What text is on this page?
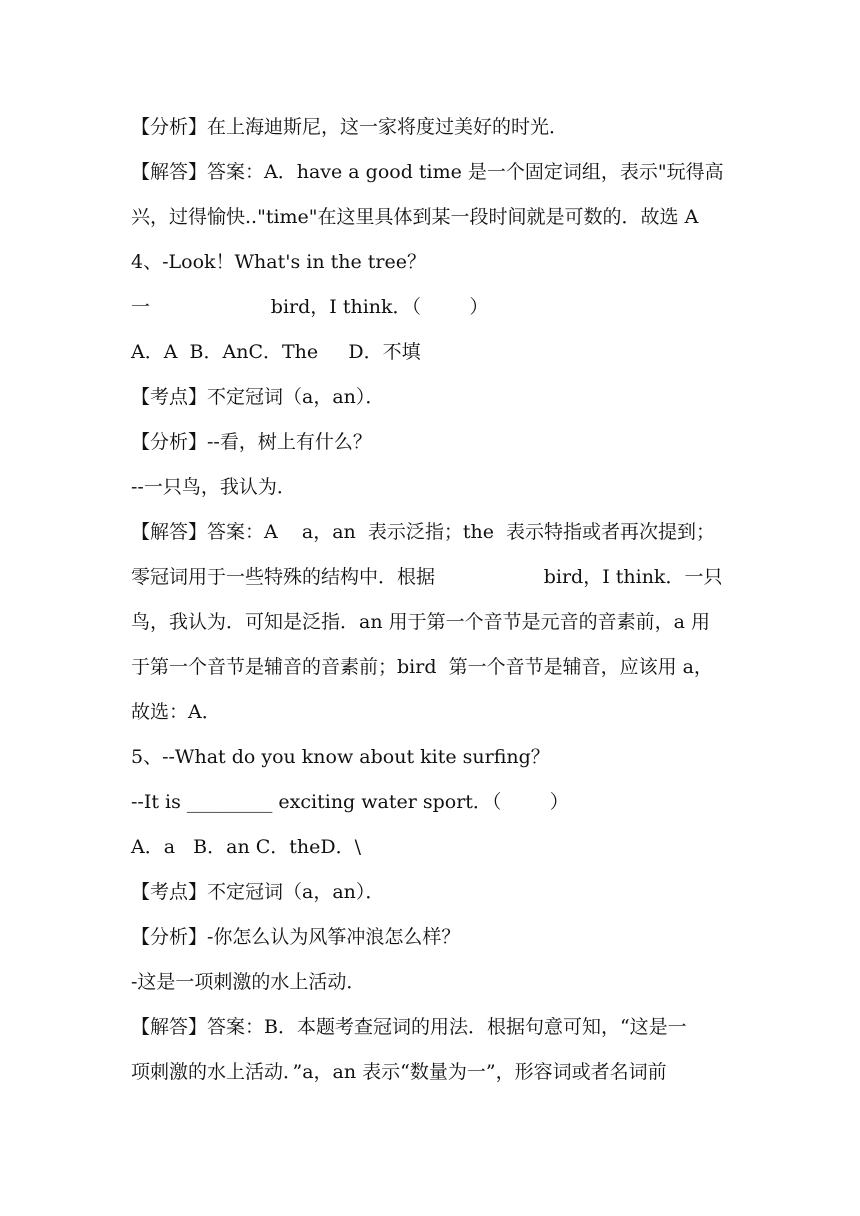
【分析】在上海迪斯尼，这一家将度过美好的时光．
【解答】答案：A．have a good time 是一个固定词组，表示"玩得高
兴，过得愉快.."time"在这里具体到某一段时间就是可数的．故选 A
4、-Look！What's in the tree？
一                    bird，I think．（        ）
A．A  B．AnC．The     D．不填
【考点】不定冠词（a，an）．
【分析】--看，树上有什么？
--一只鸟，我认为．
【解答】答案：A    a，an  表示泛指；the  表示特指或者再次提到；
零冠词用于一些特殊的结构中．根据                  bird，I think．一只
鸟，我认为．可知是泛指．an 用于第一个音节是元音的音素前，a 用
于第一个音节是辅音的音素前；bird  第一个音节是辅音，应该用 a，
故选：A．
5、--What do you know about kite surfing？
--It is _________ exciting water sport．（        ）
A．a   B．an C．theD．\
【考点】不定冠词（a，an）．
【分析】-你怎么认为风筝冲浪怎么样？
-这是一项刺激的水上活动．
【解答】答案：B．本题考查冠词的用法．根据句意可知，“这是一
项刺激的水上活动．”a，an 表示“数量为一”，形容词或者名词前
